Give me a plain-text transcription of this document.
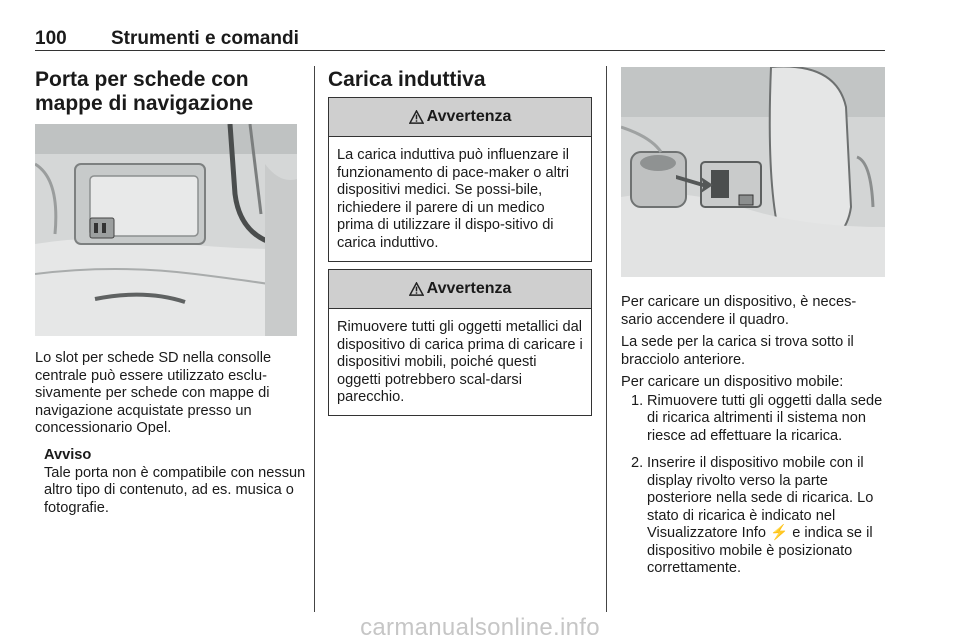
100 Strumenti e comandi
Porta per schede con
mappe di navigazione

Lo slot per schede SD nella consolle centrale può essere utilizzato esclu-sivamente per schede con mappe di navigazione acquistate presso un concessionario Opel.

Avviso
Tale porta non è compatibile con nessun altro tipo di contenuto, ad es. musica o fotografie.
Carica induttiva
Avvertenza
La carica induttiva può influenzare il funzionamento di pace-maker o altri dispositivi medici. Se possi-bile, richiedere il parere di un medico prima di utilizzare il dispo-sitivo di carica induttivo.
Avvertenza
Rimuovere tutti gli oggetti metallici dal dispositivo di carica prima di caricare i dispositivi mobili, poiché questi oggetti potrebbero scal-darsi parecchio.

Per caricare un dispositivo, è neces-sario accendere il quadro.

La sede per la carica si trova sotto il bracciolo anteriore.

Per caricare un dispositivo mobile:

1. Rimuovere tutti gli oggetti dalla sede di ricarica altrimenti il sistema non riesce ad effettuare la ricarica.
2. Inserire il dispositivo mobile con il display rivolto verso la parte posteriore nella sede di ricarica. Lo stato di ricarica è indicato nel Visualizzatore Info ⚡ e indica se il dispositivo mobile è posizionato correttamente.
carmanualsonline.info
